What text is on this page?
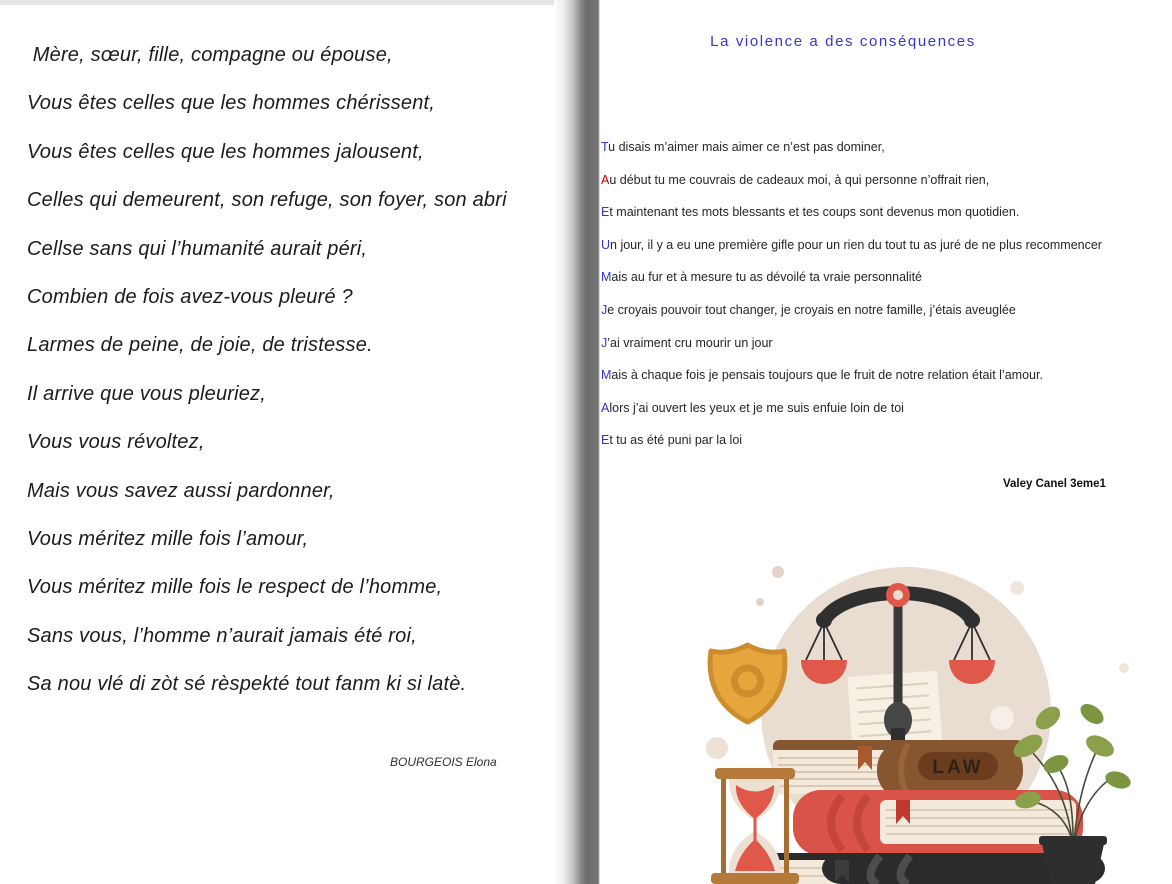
Mère, sœur, fille, compagne ou épouse,
Vous êtes celles que les hommes chérissent,
Vous êtes celles que les hommes jalousent,
Celles qui demeurent, son refuge, son foyer, son abri
Cellse sans qui l’humanité aurait péri,
Combien de fois avez-vous pleuré ?
Larmes de peine, de joie, de tristesse.
Il arrive que vous pleuriez,
Vous vous révoltez,
Mais vous savez aussi pardonner,
Vous méritez mille fois l’amour,
Vous méritez mille fois le respect de l’homme,
Sans vous, l’homme n’aurait jamais été roi,
Sa nou vlé di zòt sé rèspekté tout fanm ki si latè.
BOURGEOIS Elona
La violence a des conséquences
Tu disais m’aimer mais aimer ce n’est pas dominer,
Au début tu me couvrais de cadeaux moi, à qui personne n’offrait rien,
Et maintenant tes mots blessants et tes coups sont devenus mon quotidien.
Un jour, il y a eu une première gifle pour un rien du tout tu as juré de ne plus recommencer
Mais au fur et à mesure tu as dévoilé ta vraie personnalité
Je croyais pouvoir tout changer, je croyais en notre famille, j’étais aveuglée
J’ai vraiment cru mourir un jour
Mais à chaque fois je pensais toujours que le fruit de notre relation était l’amour.
Alors j’ai ouvert les yeux et je me suis enfuie loin de toi
Et tu as été puni par la loi
Valey Canel 3eme1
LAW
